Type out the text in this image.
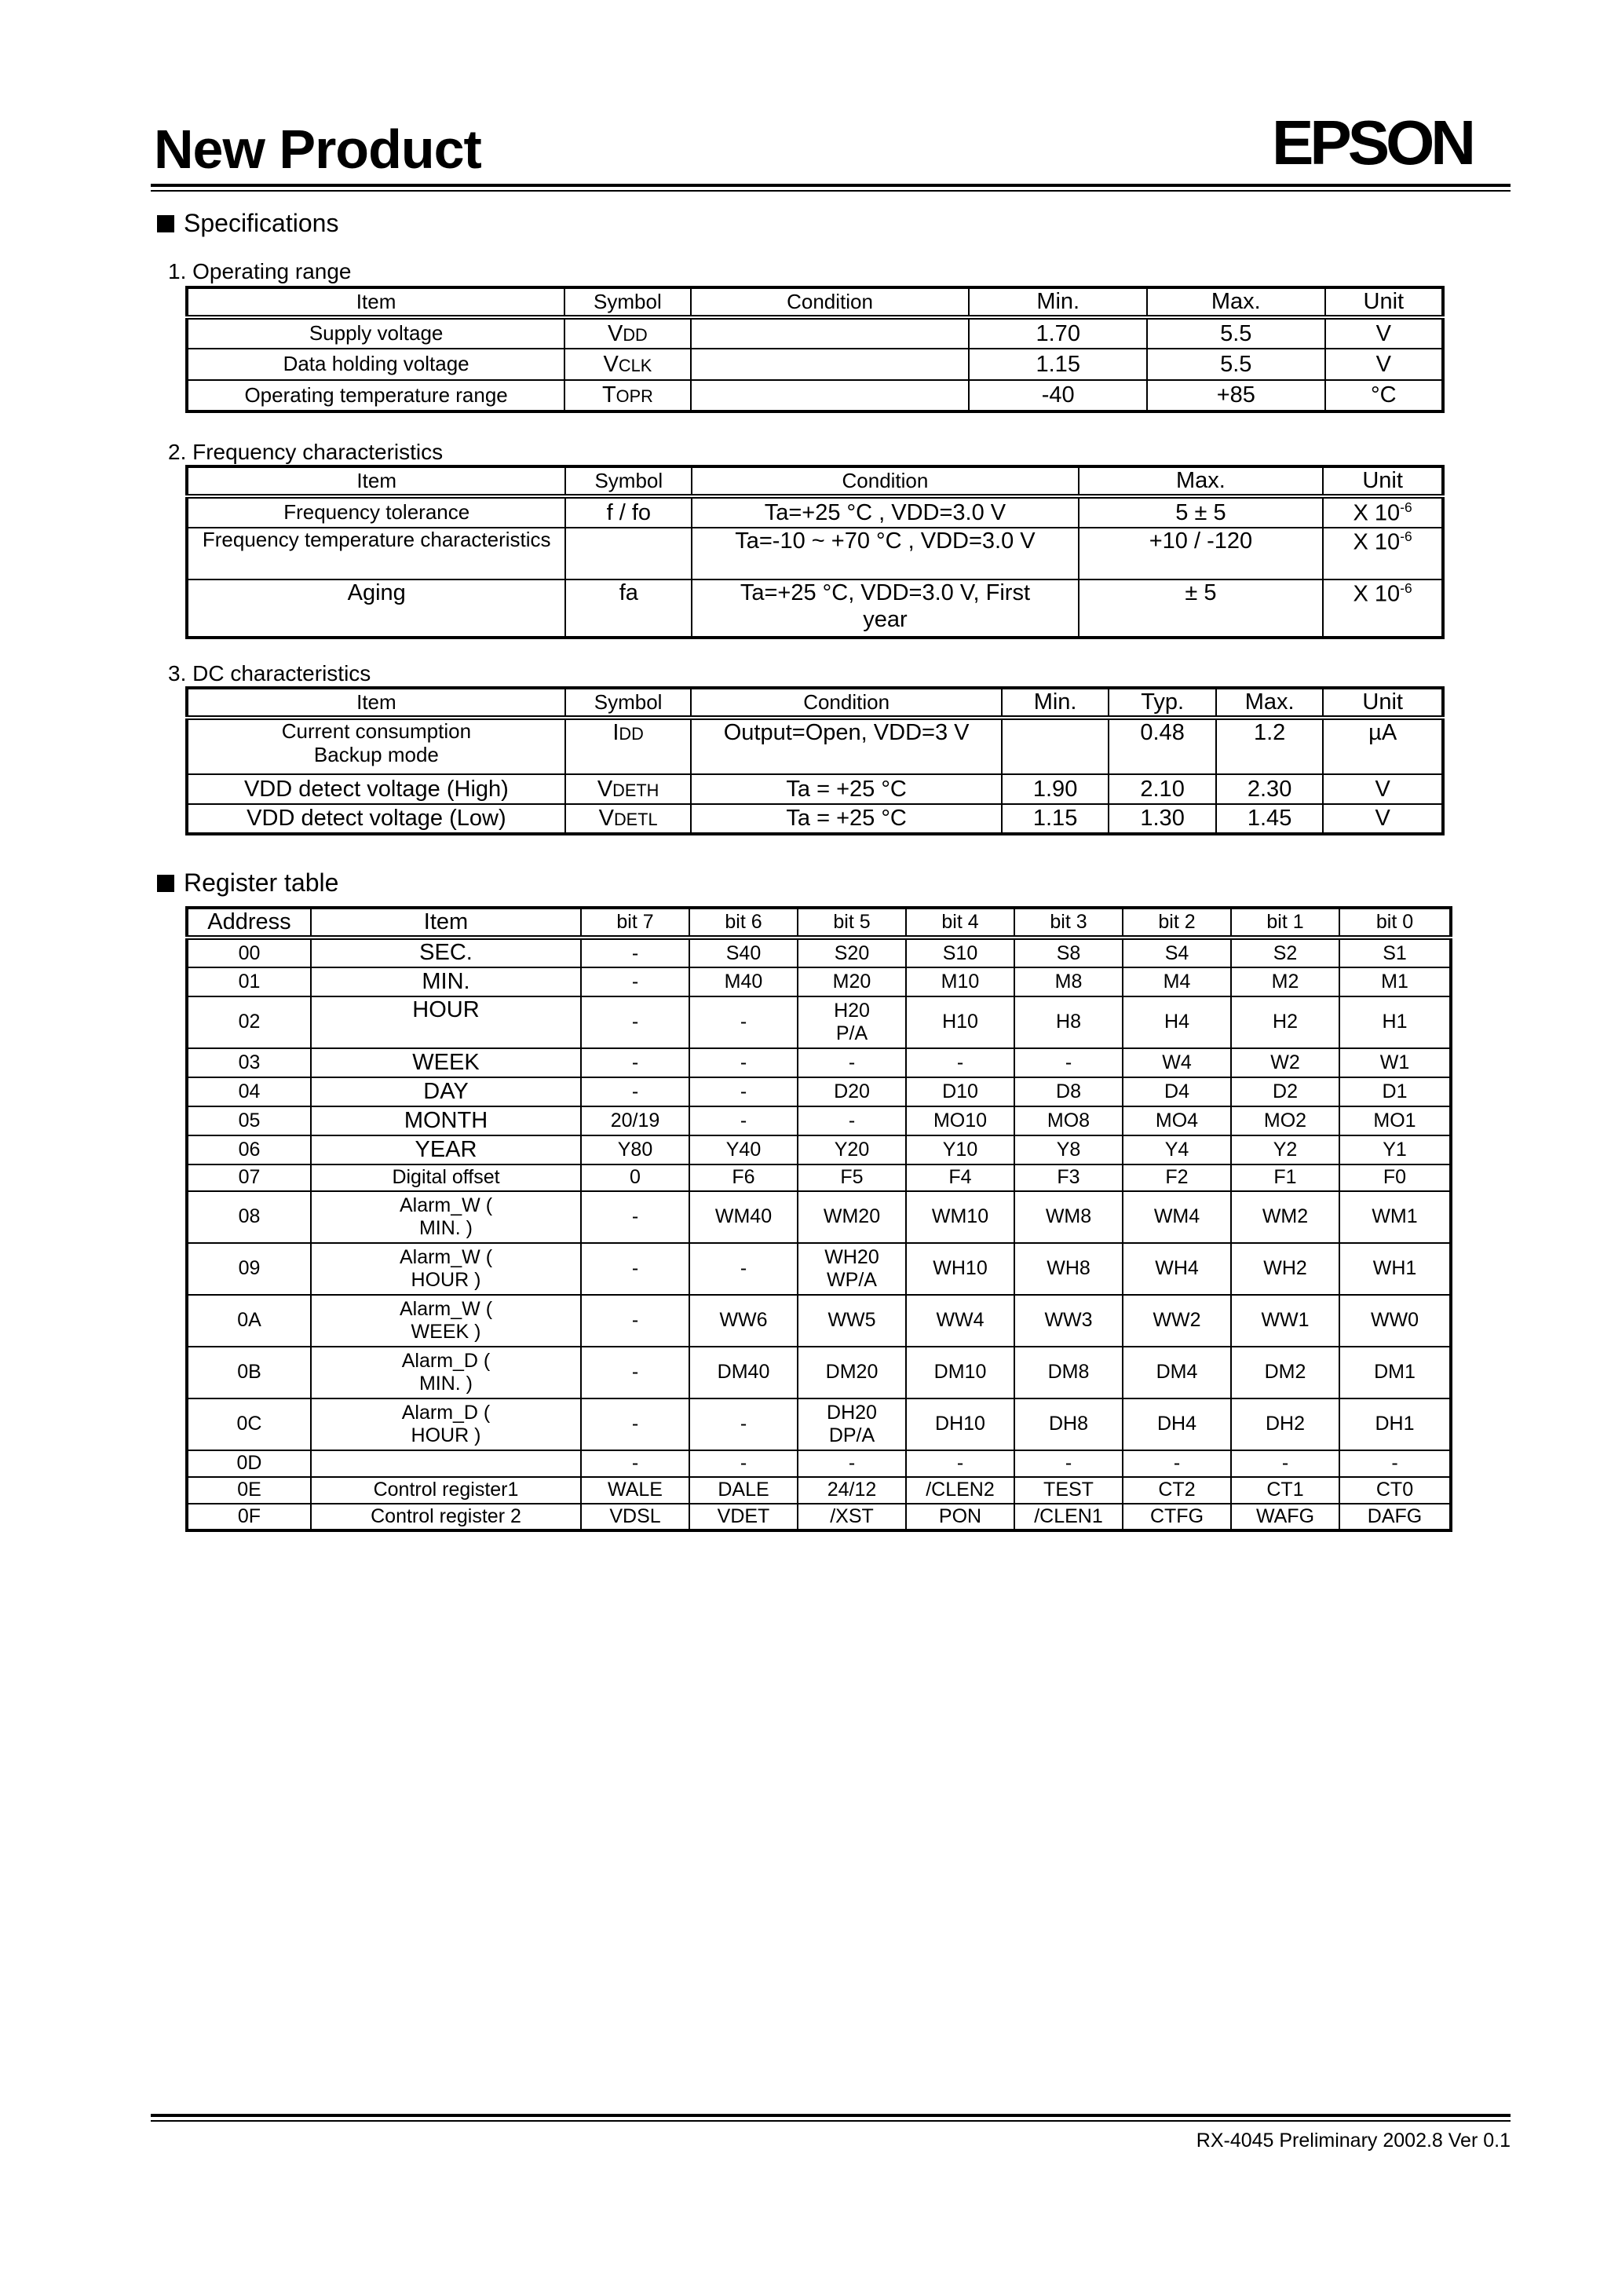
New Product	EPSON
Specifications
1. Operating range
Item	Symbol	Condition	Min.	Max.	Unit
Supply voltage	VDD		1.70	5.5	V
Data holding voltage	VCLK		1.15	5.5	V
Operating temperature range	TOPR		-40	+85	°C
2. Frequency characteristics
Item	Symbol	Condition	Max.	Unit
Frequency tolerance	f / fo	Ta=+25 °C , VDD=3.0 V	5 ± 5	X $10^{-6}$
Frequency temperature characteristics		Ta=-10 ~ +70 °C , VDD=3.0 V	+10 / -120	X $10^{-6}$
Aging	fa	Ta=+25 °C, VDD=3.0 V, First year	± 5	X $10^{-6}$
3. DC characteristics
Item	Symbol	Condition	Min.	Typ.	Max.	Unit
Current consumption Backup mode	IDD	Output=Open, VDD=3 V		0.48	1.2	µA
VDD detect voltage (High)	VDETH	Ta = +25 °C	1.90	2.10	2.30	V
VDD detect voltage (Low)	VDETL	Ta = +25 °C	1.15	1.30	1.45	V
Register table
Address	Item	bit 7	bit 6	bit 5	bit 4	bit 3	bit 2	bit 1	bit 0
00	SEC.	-	S40	S20	S10	S8	S4	S2	S1
01	MIN.	-	M40	M20	M10	M8	M4	M2	M1
02	HOUR	-	-	H20 P/A	H10	H8	H4	H2	H1
03	WEEK	-	-	-	-	-	W4	W2	W1
04	DAY	-	-	D20	D10	D8	D4	D2	D1
05	MONTH	20/19	-	-	MO10	MO8	MO4	MO2	MO1
06	YEAR	Y80	Y40	Y20	Y10	Y8	Y4	Y2	Y1
07	Digital offset	0	F6	F5	F4	F3	F2	F1	F0
08	Alarm_W ( MIN. )	-	WM40	WM20	WM10	WM8	WM4	WM2	WM1
09	Alarm_W ( HOUR )	-	-	WH20 WP/A	WH10	WH8	WH4	WH2	WH1
0A	Alarm_W ( WEEK )	-	WW6	WW5	WW4	WW3	WW2	WW1	WW0
0B	Alarm_D ( MIN. )	-	DM40	DM20	DM10	DM8	DM4	DM2	DM1
0C	Alarm_D ( HOUR )	-	-	DH20 DP/A	DH10	DH8	DH4	DH2	DH1
0D		-	-	-	-	-	-	-	-
0E	Control register1	WALE	DALE	24/12	/CLEN2	TEST	CT2	CT1	CT0
0F	Control register 2	VDSL	VDET	/XST	PON	/CLEN1	CTFG	WAFG	DAFG
RX-4045 Preliminary 2002.8 Ver 0.1
